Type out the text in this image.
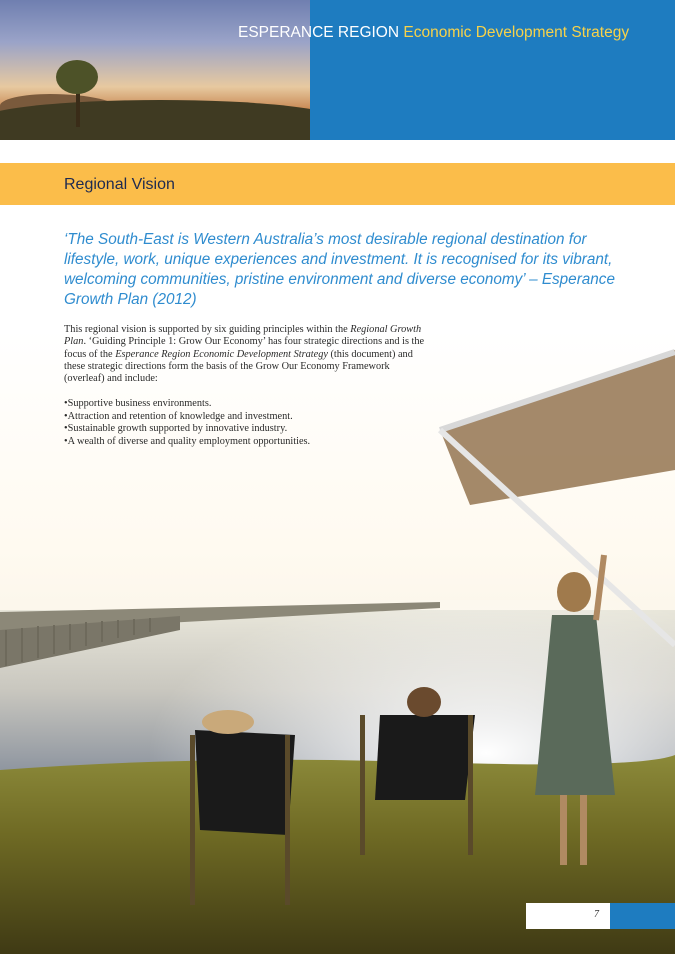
ESPERANCE REGION Economic Development Strategy
Regional Vision
‘The South-East is Western Australia’s most desirable regional destination for lifestyle, work, unique experiences and investment. It is recognised for its vibrant, welcoming communities, pristine environment and diverse economy’ – Esperance Growth Plan (2012)

This regional vision is supported by six guiding principles within the Regional Growth Plan. ‘Guiding Principle 1: Grow Our Economy’ has four strategic directions and is the focus of the Esperance Region Economic Development Strategy (this document) and these strategic directions form the basis of the Grow Our Economy Framework (overleaf) and include:

• Supportive business environments.
• Attraction and retention of knowledge and investment.
• Sustainable growth supported by innovative industry.
• A wealth of diverse and quality employment opportunities.
7
